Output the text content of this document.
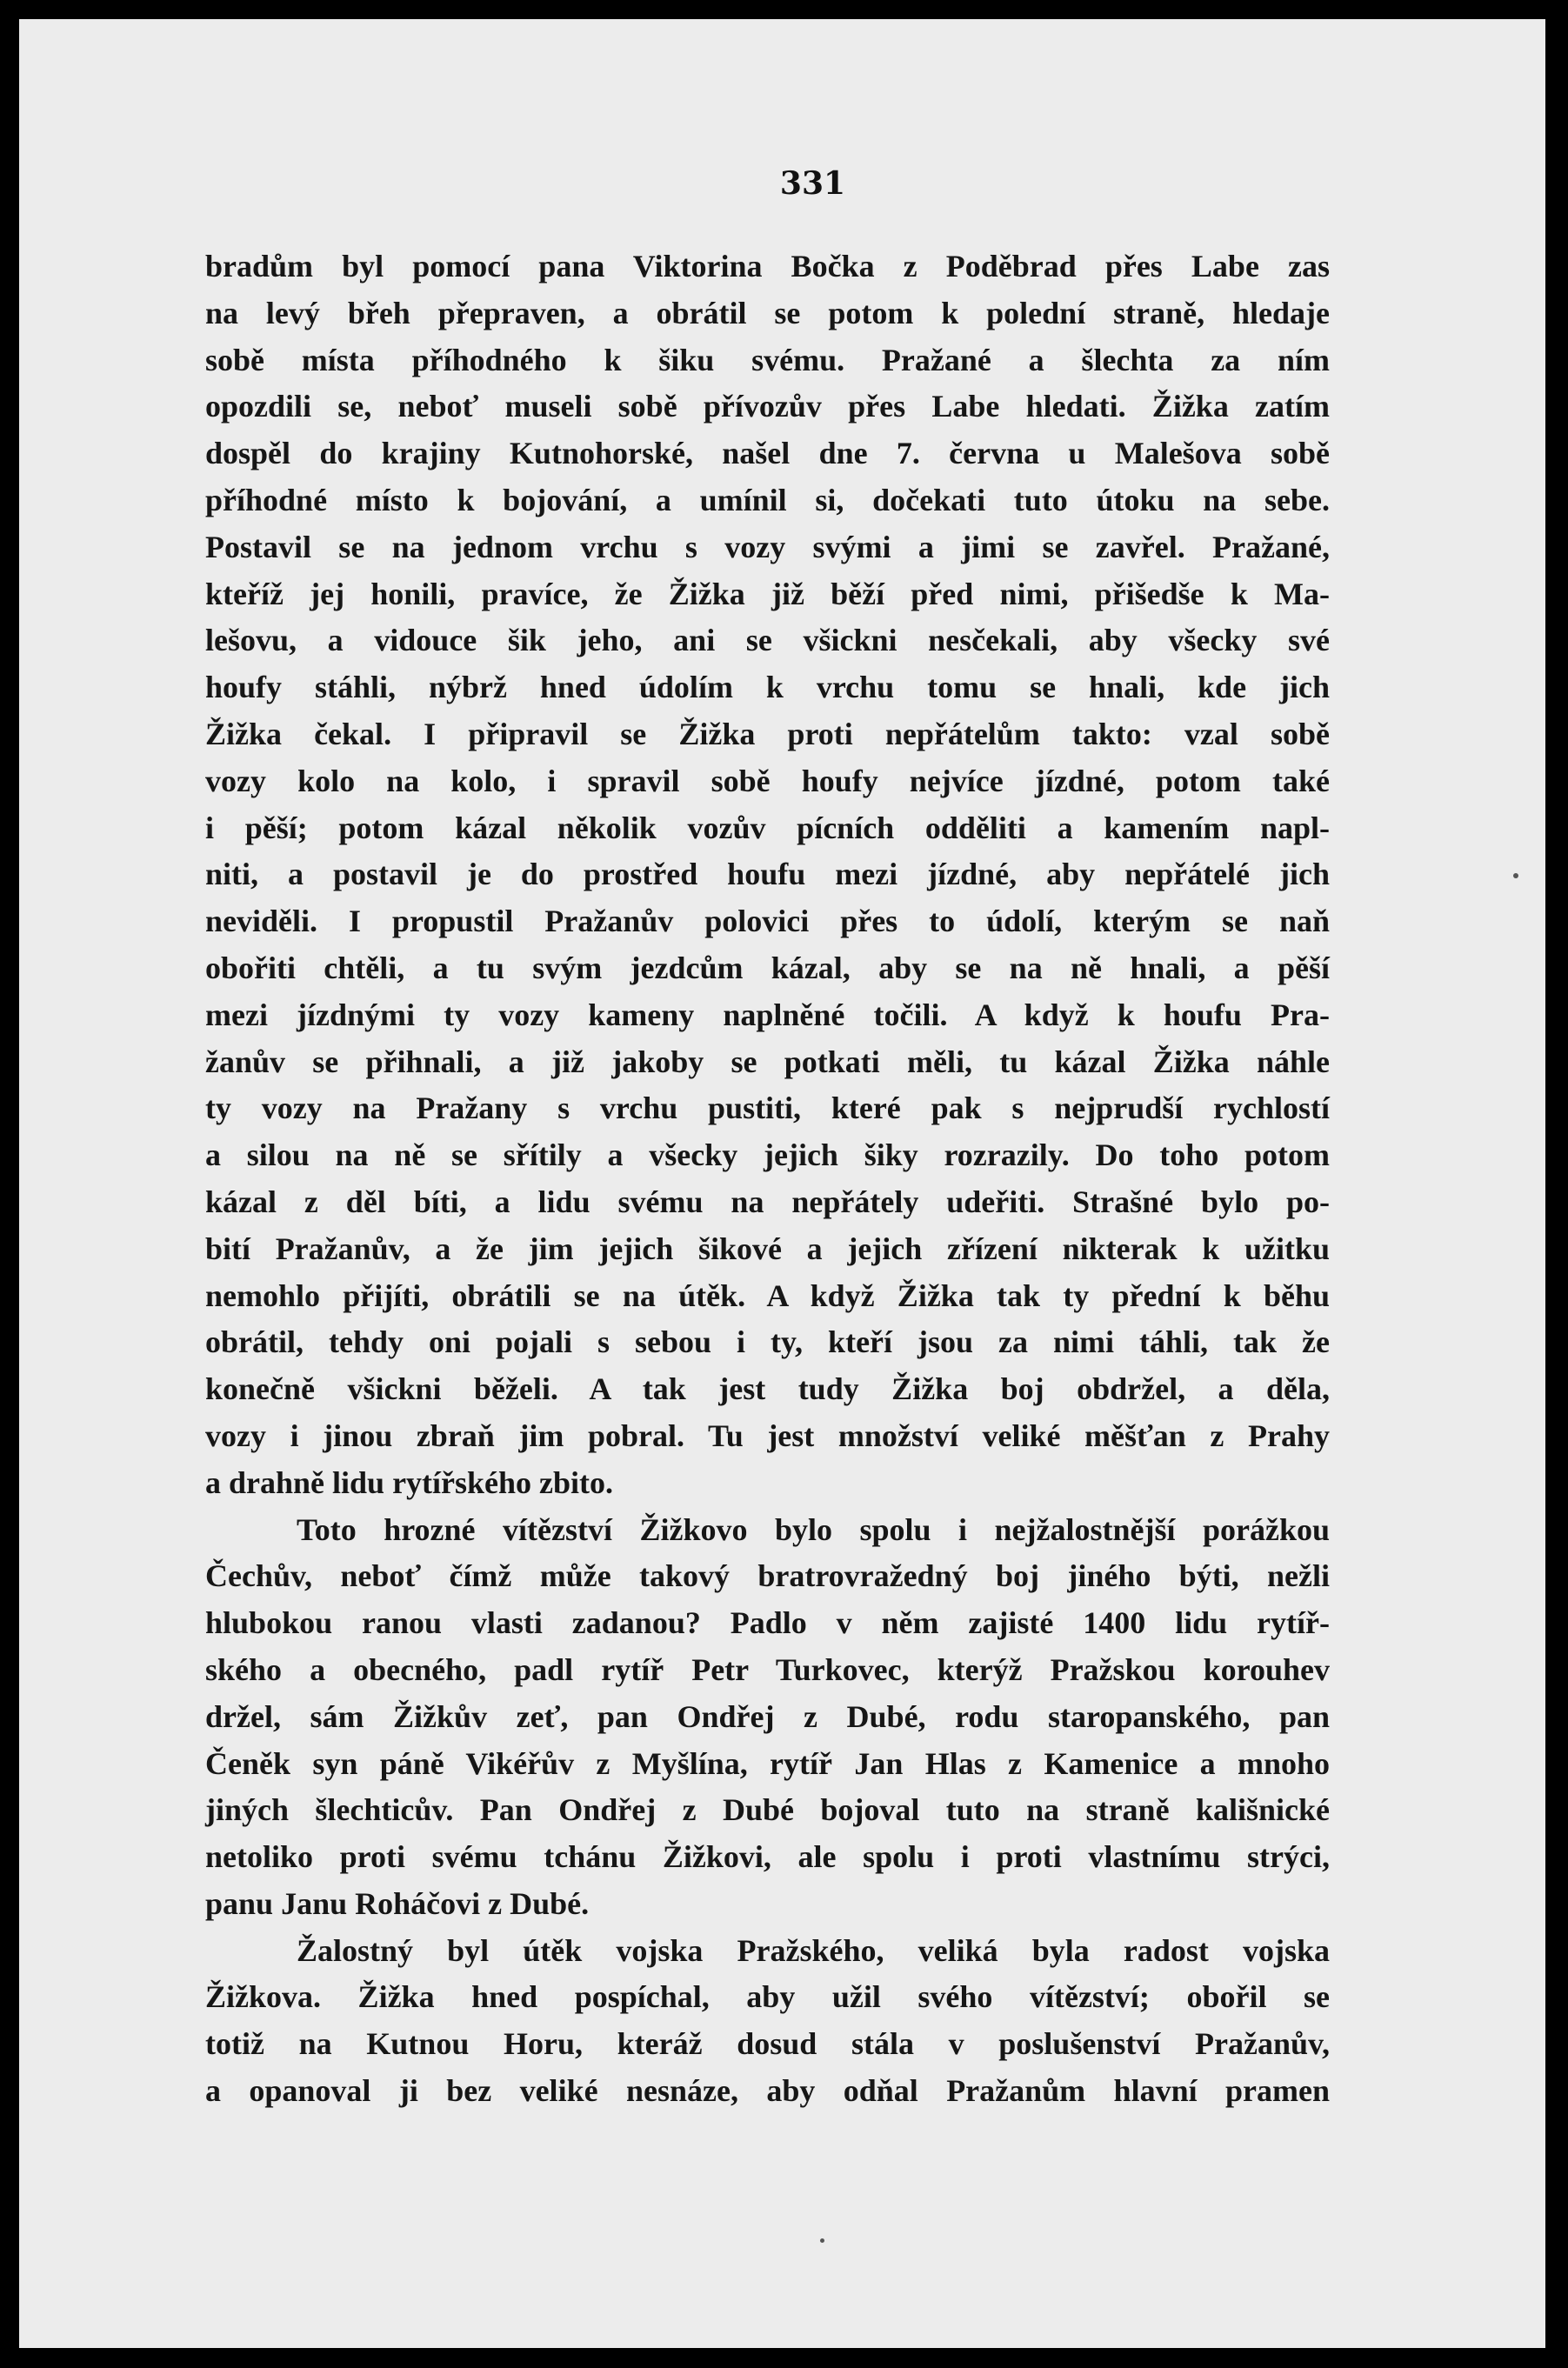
331
bradům byl pomocí pana Viktorina Bočka z Poděbrad přes Labe zas
na levý břeh přepraven, a obrátil se potom k polední straně, hledaje
sobě místa příhodného k šiku svému. Pražané a šlechta za ním
opozdili se, neboť museli sobě přívozův přes Labe hledati. Žižka zatím
dospěl do krajiny Kutnohorské, našel dne 7. června u Malešova sobě
příhodné místo k bojování, a umínil si, dočekati tuto útoku na sebe.
Postavil se na jednom vrchu s vozy svými a jimi se zavřel. Pražané,
kteříž jej honili, pravíce, že Žižka již běží před nimi, přišedše k Ma-
lešovu, a vidouce šik jeho, ani se všickni nesčekali, aby všecky své
houfy stáhli, nýbrž hned údolím k vrchu tomu se hnali, kde jich
Žižka čekal. I připravil se Žižka proti nepřátelům takto: vzal sobě
vozy kolo na kolo, i spravil sobě houfy nejvíce jízdné, potom také
i pěší; potom kázal několik vozův pícních odděliti a kamením napl-
niti, a postavil je do prostřed houfu mezi jízdné, aby nepřátelé jich
neviděli. I propustil Pražanův polovici přes to údolí, kterým se naň
obořiti chtěli, a tu svým jezdcům kázal, aby se na ně hnali, a pěší
mezi jízdnými ty vozy kameny naplněné točili. A když k houfu Pra-
žanův se přihnali, a již jakoby se potkati měli, tu kázal Žižka náhle
ty vozy na Pražany s vrchu pustiti, které pak s nejprudší rychlostí
a silou na ně se sřítily a všecky jejich šiky rozrazily. Do toho potom
kázal z děl bíti, a lidu svému na nepřátely udeřiti. Strašné bylo po-
bití Pražanův, a že jim jejich šikové a jejich zřízení nikterak k užitku
nemohlo přijíti, obrátili se na útěk. A když Žižka tak ty přední k běhu
obrátil, tehdy oni pojali s sebou i ty, kteří jsou za nimi táhli, tak že
konečně všickni běželi. A tak jest tudy Žižka boj obdržel, a děla,
vozy i jinou zbraň jim pobral. Tu jest množství veliké měšťan z Prahy
a drahně lidu rytířského zbito.
Toto hrozné vítězství Žižkovo bylo spolu i nejžalostnější porážkou
Čechův, neboť čímž může takový bratrovražedný boj jiného býti, nežli
hlubokou ranou vlasti zadanou? Padlo v něm zajisté 1400 lidu rytíř-
ského a obecného, padl rytíř Petr Turkovec, kterýž Pražskou korouhev
držel, sám Žižkův zeť, pan Ondřej z Dubé, rodu staropanského, pan
Čeněk syn páně Vikéřův z Myšlína, rytíř Jan Hlas z Kamenice a mnoho
jiných šlechticův. Pan Ondřej z Dubé bojoval tuto na straně kališnické
netoliko proti svému tchánu Žižkovi, ale spolu i proti vlastnímu strýci,
panu Janu Roháčovi z Dubé.
Žalostný byl útěk vojska Pražského, veliká byla radost vojska
Žižkova. Žižka hned pospíchal, aby užil svého vítězství; obořil se
totiž na Kutnou Horu, kteráž dosud stála v poslušenství Pražanův,
a opanoval ji bez veliké nesnáze, aby odňal Pražanům hlavní pramen
